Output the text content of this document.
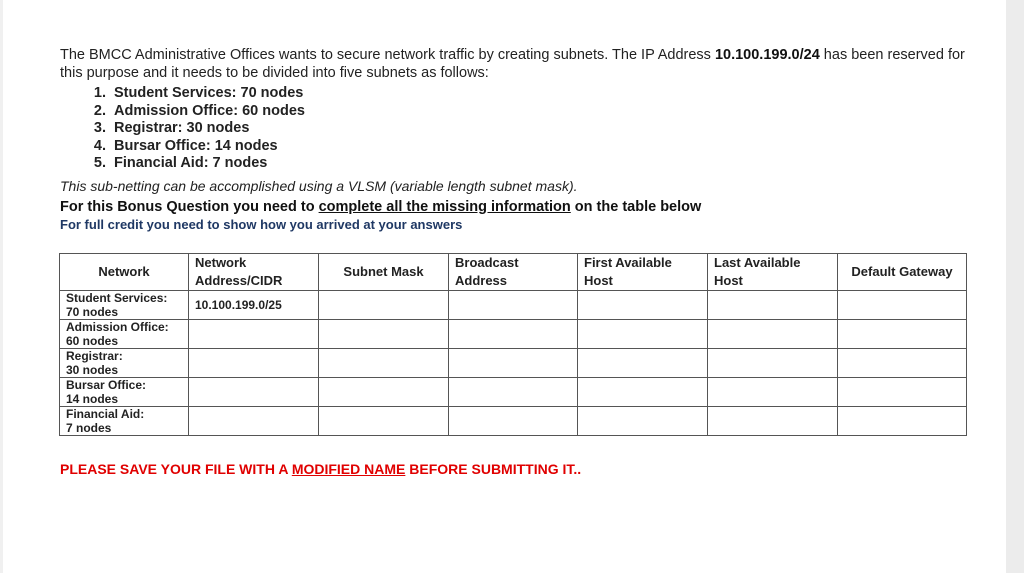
The BMCC Administrative Offices wants to secure network traffic by creating subnets. The IP Address 10.100.199.0/24 has been reserved for this purpose and it needs to be divided into five subnets as follows:

1. Student Services: 70 nodes
2. Admission Office: 60 nodes
3. Registrar: 30 nodes
4. Bursar Office: 14 nodes
5. Financial Aid: 7 nodes

This sub-netting can be accomplished using a VLSM (variable length subnet mask).

For this Bonus Question you need to complete all the missing information on the table below

For full credit you need to show how you arrived at your answers

Network	Network Address/CIDR	Subnet Mask	Broadcast Address	First Available Host	Last Available Host	Default Gateway
Student Services:
70 nodes	10.100.199.0/25					
Admission Office:
60 nodes						
Registrar:
30 nodes						
Bursar Office:
14 nodes						
Financial Aid:
7 nodes						
PLEASE SAVE YOUR FILE WITH A MODIFIED NAME BEFORE SUBMITTING IT..
